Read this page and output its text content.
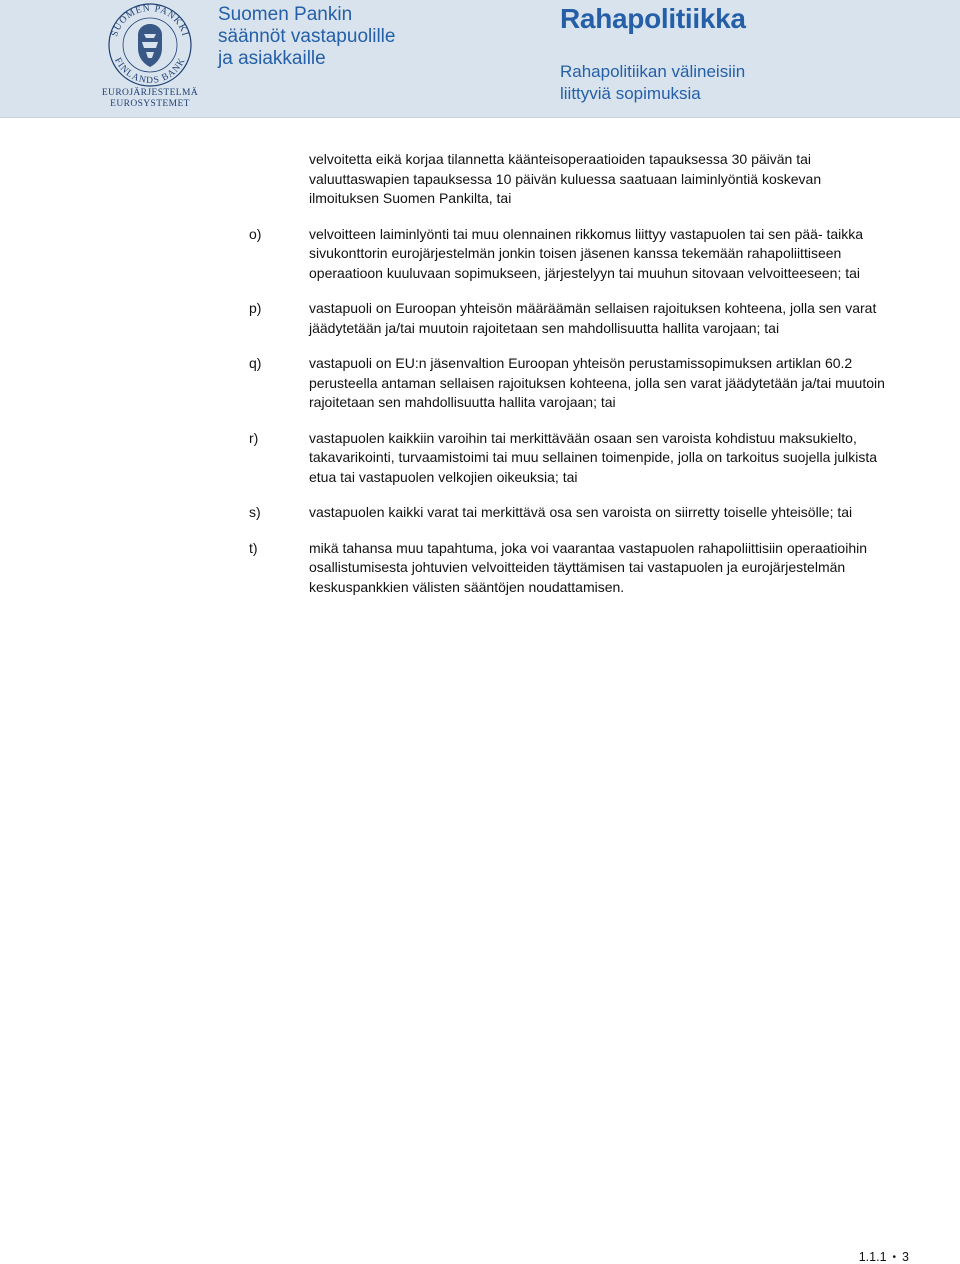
SUOMEN PANKKI
FINLANDS BANK
EUROJÄRJESTELMÄ
EUROSYSTEMET
Suomen Pankin
säännöt vastapuolille
ja asiakkaille
Rahapolitiikka
Rahapolitiikan välineisiin
liittyviä sopimuksia
velvoitetta eikä korjaa tilannetta käänteisoperaatioiden tapauksessa 30 päivän tai valuuttaswapien tapauksessa 10 päivän kuluessa saatuaan laiminlyöntiä koskevan ilmoituksen Suomen Pankilta, tai
o)	velvoitteen laiminlyönti tai muu olennainen rikkomus liittyy vastapuolen tai sen pää- taikka sivukonttorin eurojärjestelmän jonkin toisen jäsenen kanssa tekemään rahapoliittiseen operaatioon kuuluvaan sopimukseen, järjestelyyn tai muuhun sitovaan velvoitteeseen; tai
p)	vastapuoli on Euroopan yhteisön määräämän sellaisen rajoituksen kohteena, jolla sen varat jäädytetään ja/tai muutoin rajoitetaan sen mahdollisuutta hallita varojaan; tai
q)	vastapuoli on EU:n jäsenvaltion Euroopan yhteisön perustamissopimuksen artiklan 60.2 perusteella antaman sellaisen rajoituksen kohteena, jolla sen varat jäädytetään ja/tai muutoin rajoitetaan sen mahdollisuutta hallita varojaan; tai
r)	vastapuolen kaikkiin varoihin tai merkittävään osaan sen varoista kohdistuu maksukielto, takavarikointi, turvaamistoimi tai muu sellainen toimenpide, jolla on tarkoitus suojella julkista etua tai vastapuolen velkojien oikeuksia; tai
s)	vastapuolen kaikki varat tai merkittävä osa sen varoista on siirretty toiselle yhteisölle; tai
t)	mikä tahansa muu tapahtuma, joka voi vaarantaa vastapuolen rahapoliittisiin operaatioihin osallistumisesta johtuvien velvoitteiden täyttämisen tai vastapuolen ja eurojärjestelmän keskuspankkien välisten sääntöjen noudattamisen.
1.1.1 • 3
